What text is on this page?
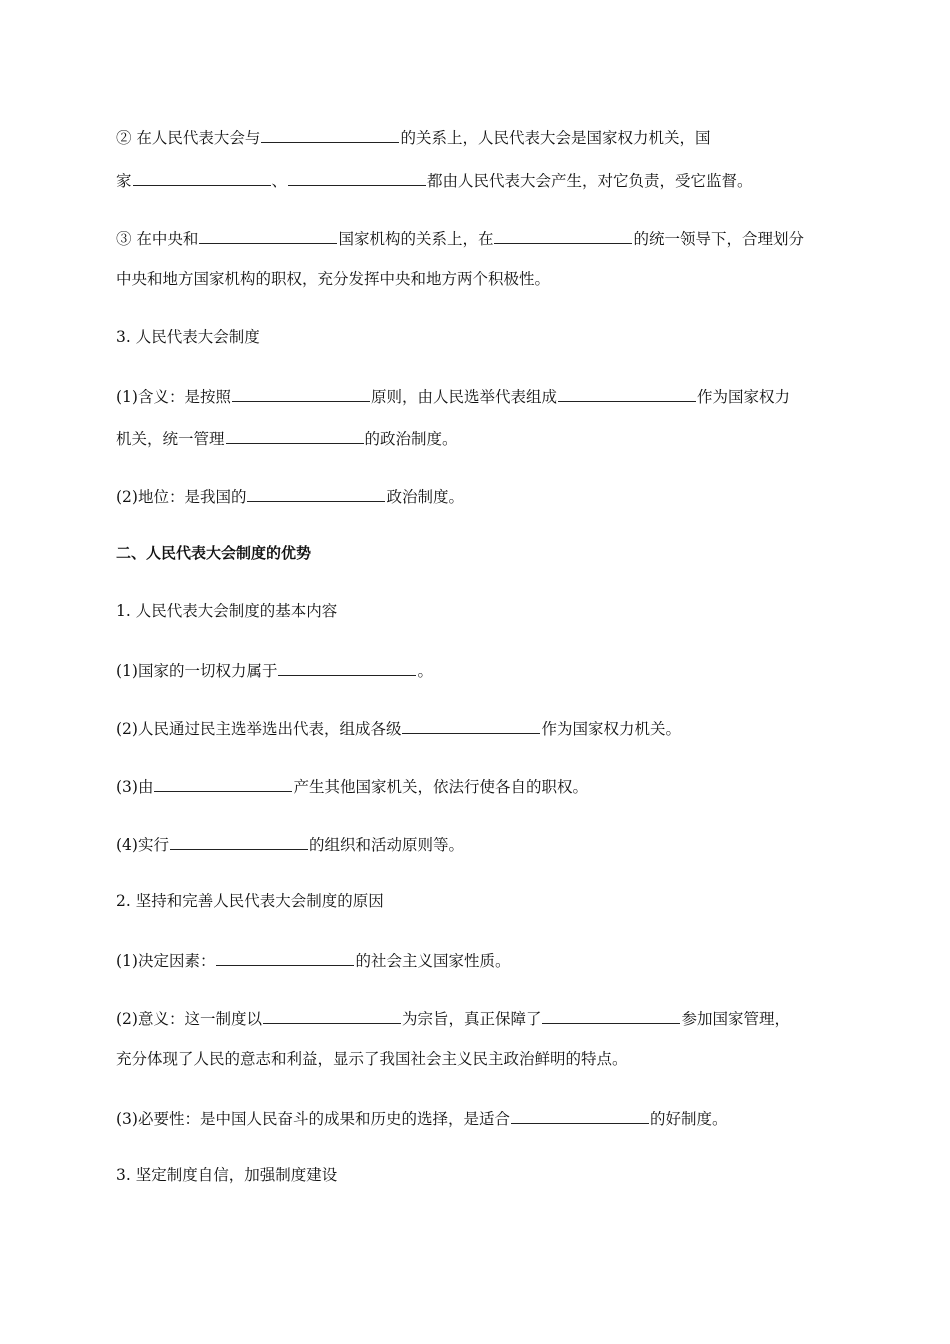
② 在人民代表大会与	的关系上，人民代表大会是国家权力机关，国
家	、	都由人民代表大会产生，对它负责，受它监督。
③ 在中央和	国家机构的关系上，在	的统一领导下，合理划分
中央和地方国家机构的职权，充分发挥中央和地方两个积极性。
3. 人民代表大会制度
(1)含义：是按照	原则，由人民选举代表组成	作为国家权力
机关，统一管理	的政治制度。
(2)地位：是我国的	政治制度。
二、人民代表大会制度的优势
1. 人民代表大会制度的基本内容
(1)国家的一切权力属于	。
(2)人民通过民主选举选出代表，组成各级	作为国家权力机关。
(3)由	产生其他国家机关，依法行使各自的职权。
(4)实行	的组织和活动原则等。
2. 坚持和完善人民代表大会制度的原因
(1)决定因素：	的社会主义国家性质。
(2)意义：这一制度以	为宗旨，真正保障了	参加国家管理，
充分体现了人民的意志和利益，显示了我国社会主义民主政治鲜明的特点。
(3)必要性：是中国人民奋斗的成果和历史的选择，是适合	的好制度。
3. 坚定制度自信，加强制度建设
